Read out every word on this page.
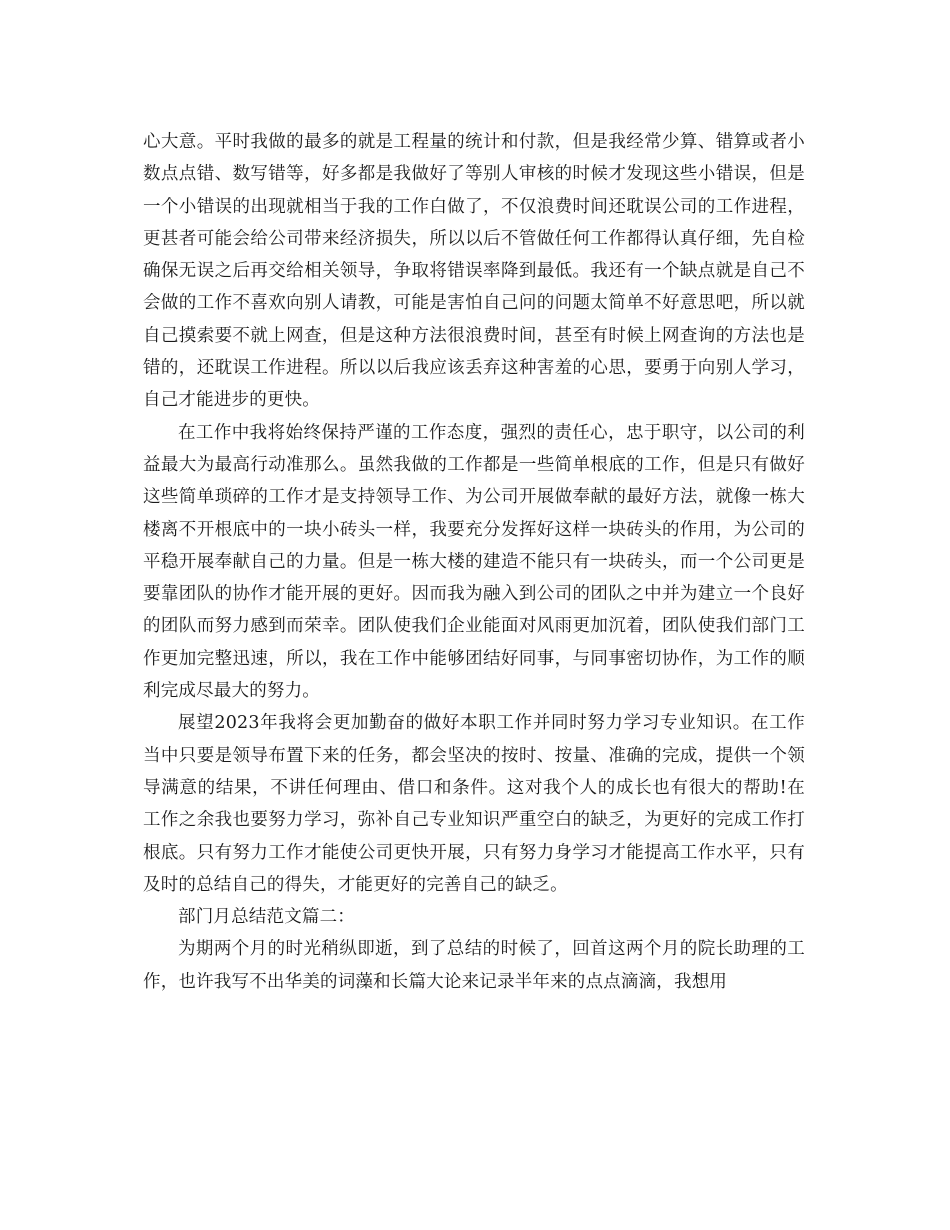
心大意。平时我做的最多的就是工程量的统计和付款，但是我经常少算、错算或者小数点点错、数写错等，好多都是我做好了等别人审核的时候才发现这些小错误，但是一个小错误的出现就相当于我的工作白做了，不仅浪费时间还耽误公司的工作进程，更甚者可能会给公司带来经济损失，所以以后不管做任何工作都得认真仔细，先自检确保无误之后再交给相关领导，争取将错误率降到最低。我还有一个缺点就是自己不会做的工作不喜欢向别人请教，可能是害怕自己问的问题太简单不好意思吧，所以就自己摸索要不就上网查，但是这种方法很浪费时间，甚至有时候上网查询的方法也是错的，还耽误工作进程。所以以后我应该丢弃这种害羞的心思，要勇于向别人学习，自己才能进步的更快。

在工作中我将始终保持严谨的工作态度，强烈的责任心，忠于职守，以公司的利益最大为最高行动准那么。虽然我做的工作都是一些简单根底的工作，但是只有做好这些简单琐碎的工作才是支持领导工作、为公司开展做奉献的最好方法，就像一栋大楼离不开根底中的一块小砖头一样，我要充分发挥好这样一块砖头的作用，为公司的平稳开展奉献自己的力量。但是一栋大楼的建造不能只有一块砖头，而一个公司更是要靠团队的协作才能开展的更好。因而我为融入到公司的团队之中并为建立一个良好的团队而努力感到而荣幸。团队使我们企业能面对风雨更加沉着，团队使我们部门工作更加完整迅速，所以，我在工作中能够团结好同事，与同事密切协作，为工作的顺利完成尽最大的努力。

展望2023年我将会更加勤奋的做好本职工作并同时努力学习专业知识。在工作当中只要是领导布置下来的任务，都会坚决的按时、按量、准确的完成，提供一个领导满意的结果，不讲任何理由、借口和条件。这对我个人的成长也有很大的帮助!在工作之余我也要努力学习，弥补自己专业知识严重空白的缺乏，为更好的完成工作打根底。只有努力工作才能使公司更快开展，只有努力身学习才能提高工作水平，只有及时的总结自己的得失，才能更好的完善自己的缺乏。

部门月总结范文篇二：

为期两个月的时光稍纵即逝，到了总结的时候了，回首这两个月的院长助理的工作，也许我写不出华美的词藻和长篇大论来记录半年来的点点滴滴，我想用
